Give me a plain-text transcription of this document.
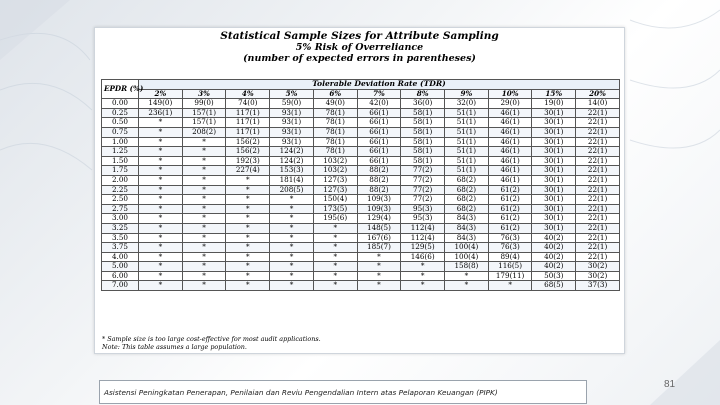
Statistical Sample Sizes for Attribute Sampling
5% Risk of Overreliance
(number of expected errors in parentheses)
EPDR (%)	Tolerable Deviation Rate (TDR)										
	2%	3%	4%	5%	6%	7%	8%	9%	10%	15%	20%
0.00	149(0)	99(0)	74(0)	59(0)	49(0)	42(0)	36(0)	32(0)	29(0)	19(0)	14(0)
0.25	236(1)	157(1)	117(1)	93(1)	78(1)	66(1)	58(1)	51(1)	46(1)	30(1)	22(1)
0.50	*	157(1)	117(1)	93(1)	78(1)	66(1)	58(1)	51(1)	46(1)	30(1)	22(1)
0.75	*	208(2)	117(1)	93(1)	78(1)	66(1)	58(1)	51(1)	46(1)	30(1)	22(1)
1.00	*	*	156(2)	93(1)	78(1)	66(1)	58(1)	51(1)	46(1)	30(1)	22(1)
1.25	*	*	156(2)	124(2)	78(1)	66(1)	58(1)	51(1)	46(1)	30(1)	22(1)
1.50	*	*	192(3)	124(2)	103(2)	66(1)	58(1)	51(1)	46(1)	30(1)	22(1)
1.75	*	*	227(4)	153(3)	103(2)	88(2)	77(2)	51(1)	46(1)	30(1)	22(1)
2.00	*	*	*	181(4)	127(3)	88(2)	77(2)	68(2)	46(1)	30(1)	22(1)
2.25	*	*	*	208(5)	127(3)	88(2)	77(2)	68(2)	61(2)	30(1)	22(1)
2.50	*	*	*	*	150(4)	109(3)	77(2)	68(2)	61(2)	30(1)	22(1)
2.75	*	*	*	*	173(5)	109(3)	95(3)	68(2)	61(2)	30(1)	22(1)
3.00	*	*	*	*	195(6)	129(4)	95(3)	84(3)	61(2)	30(1)	22(1)
3.25	*	*	*	*	*	148(5)	112(4)	84(3)	61(2)	30(1)	22(1)
3.50	*	*	*	*	*	167(6)	112(4)	84(3)	76(3)	40(2)	22(1)
3.75	*	*	*	*	*	185(7)	129(5)	100(4)	76(3)	40(2)	22(1)
4.00	*	*	*	*	*	*	146(6)	100(4)	89(4)	40(2)	22(1)
5.00	*	*	*	*	*	*	*	158(8)	116(5)	40(2)	30(2)
6.00	*	*	*	*	*	*	*	*	179(11)	50(3)	30(2)
7.00	*	*	*	*	*	*	*	*	*	68(5)	37(3)
* Sample size is too large cost-effective for most audit applications.
Note: This table assumes a large population.
Asistensi Peningkatan Penerapan, Penilaian dan Reviu Pengendalian Intern atas Pelaporan Keuangan (PIPK)
81
